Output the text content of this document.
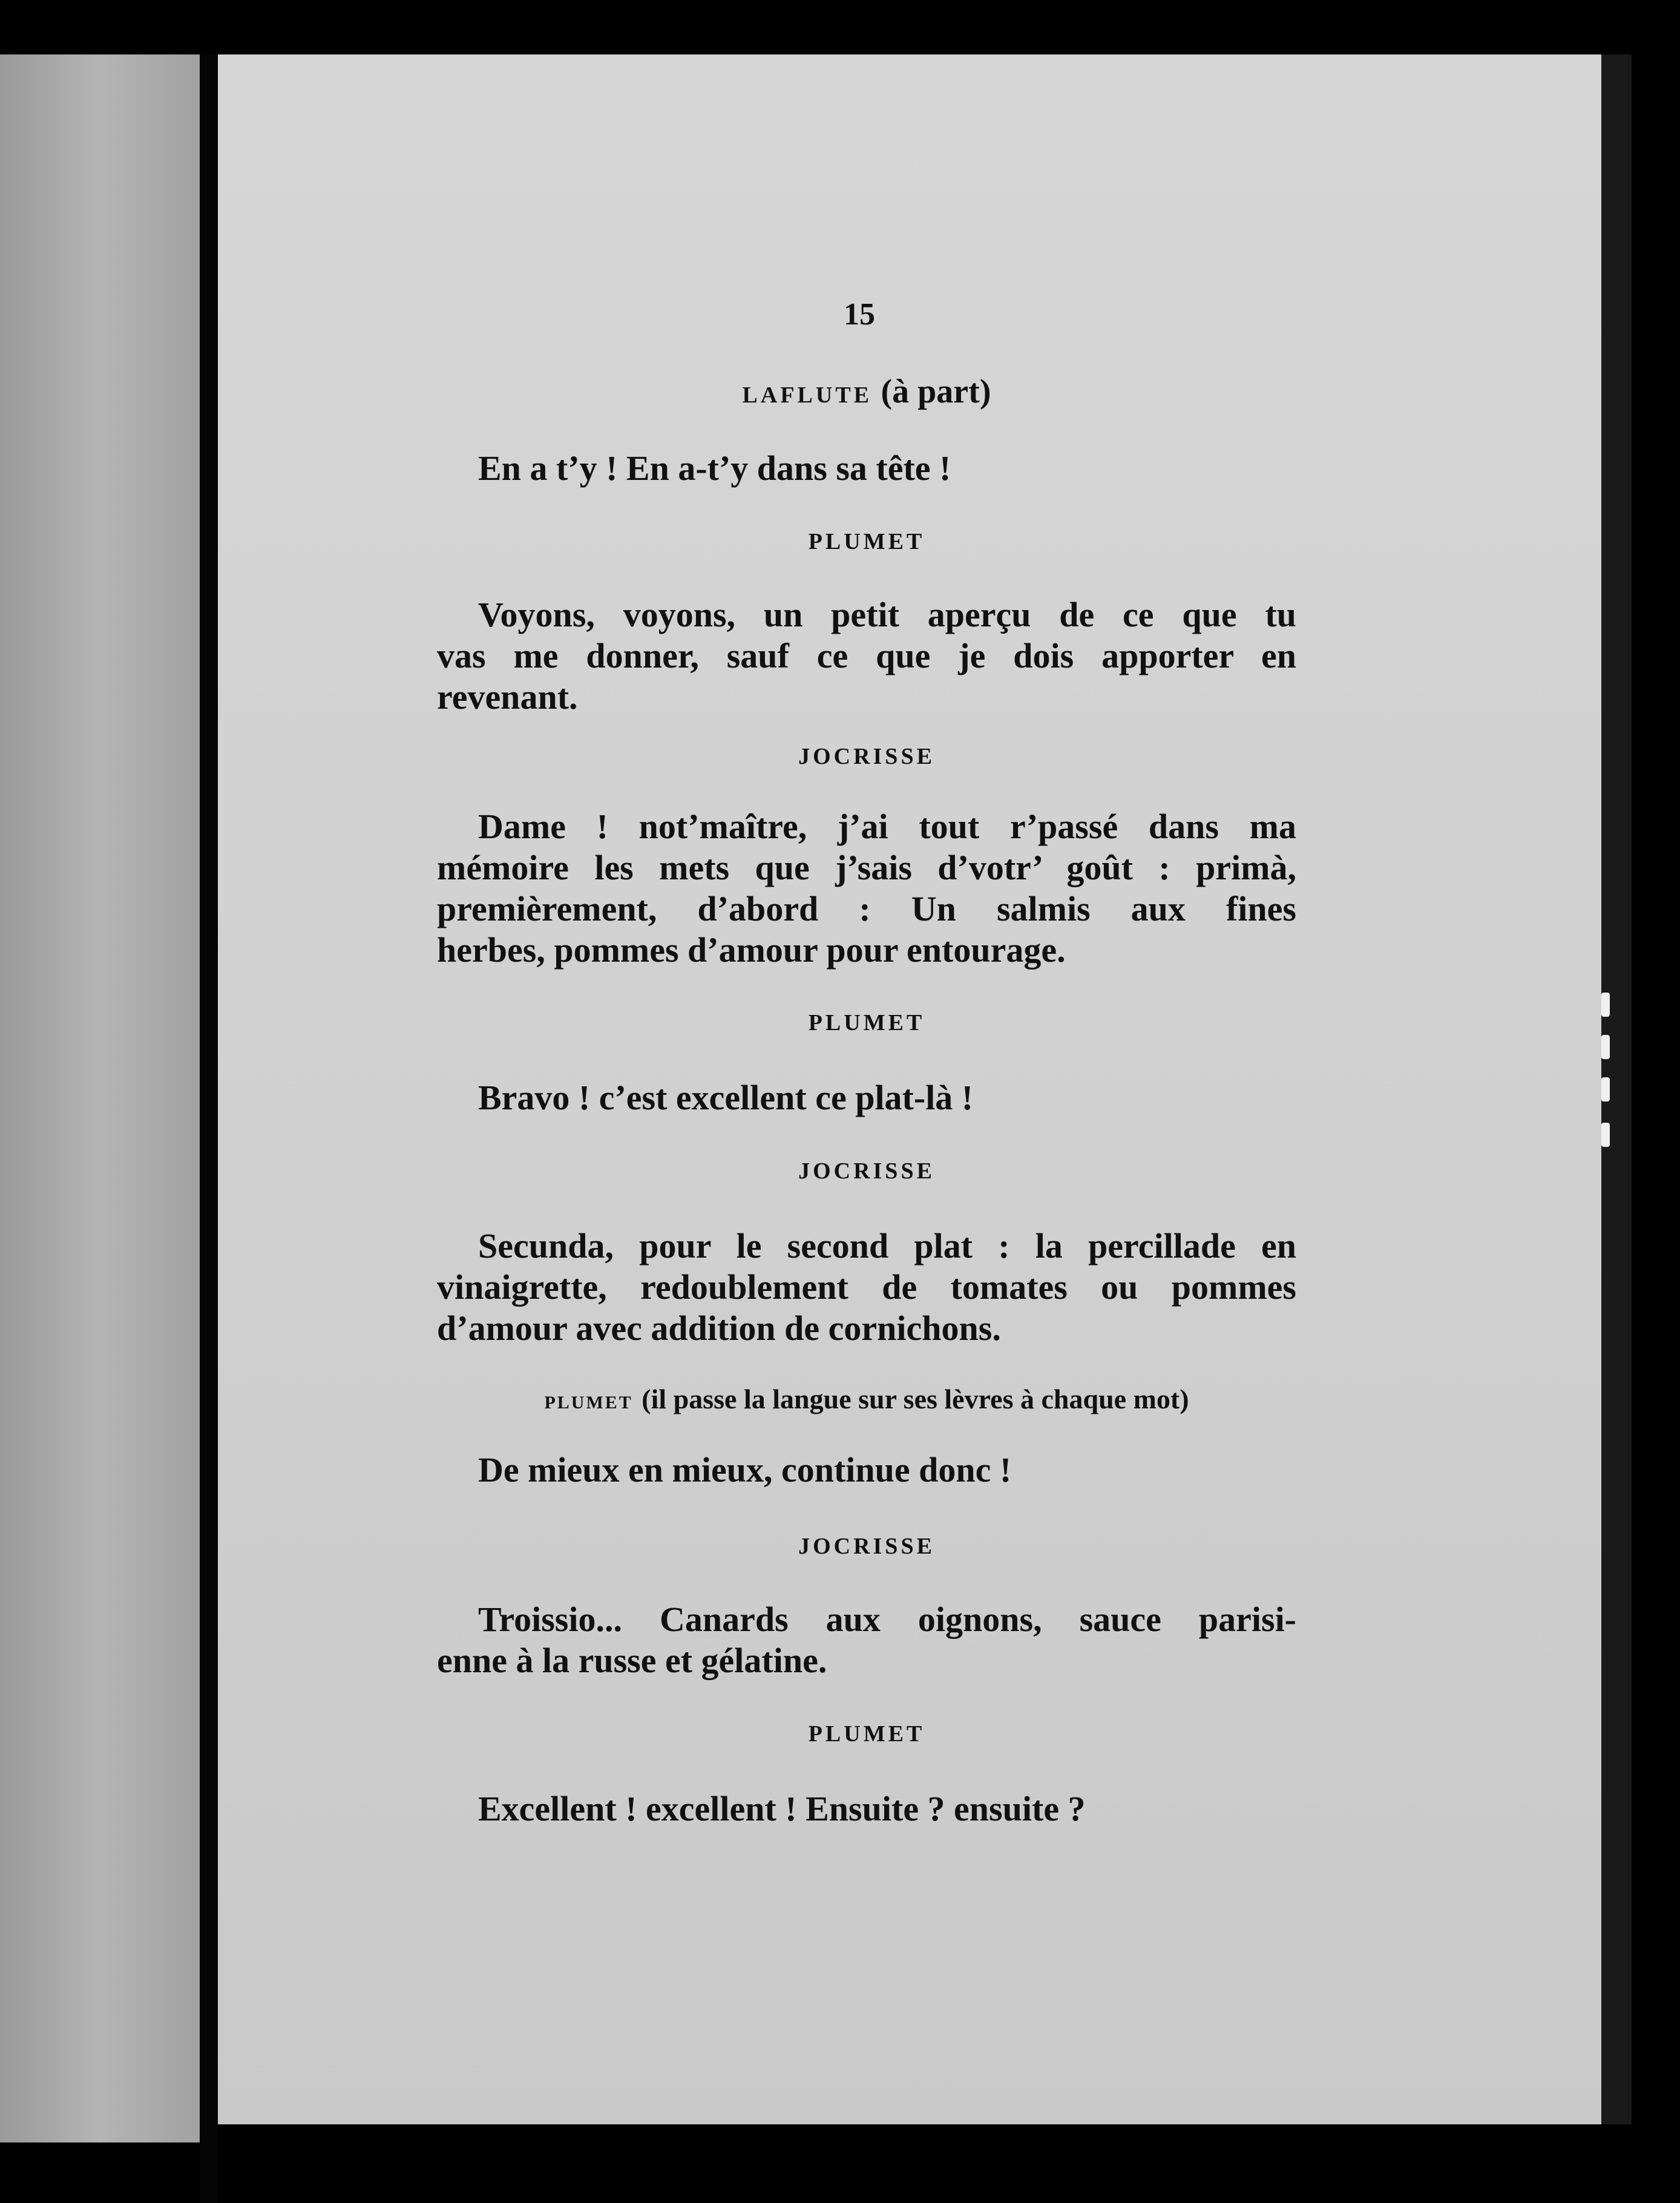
15
LAFLUTE (à part)
En a t’y ! En a-t’y dans sa tête !
PLUMET
Voyons, voyons, un petit aperçu de ce que tu
vas me donner, sauf ce que je dois apporter en
revenant.
JOCRISSE
Dame ! not’maître, j’ai tout r’passé dans ma
mémoire les mets que j’sais d’votr’ goût : primà,
premièrement, d’abord : Un salmis aux fines
herbes, pommes d’amour pour entourage.
PLUMET
Bravo ! c’est excellent ce plat-là !
JOCRISSE
Secunda, pour le second plat : la percillade en
vinaigrette, redoublement de tomates ou pommes
d’amour avec addition de cornichons.
PLUMET (il passe la langue sur ses lèvres à chaque mot)
De mieux en mieux, continue donc !
JOCRISSE
Troissio... Canards aux oignons, sauce parisi-
enne à la russe et gélatine.
PLUMET
Excellent ! excellent ! Ensuite ? ensuite ?
